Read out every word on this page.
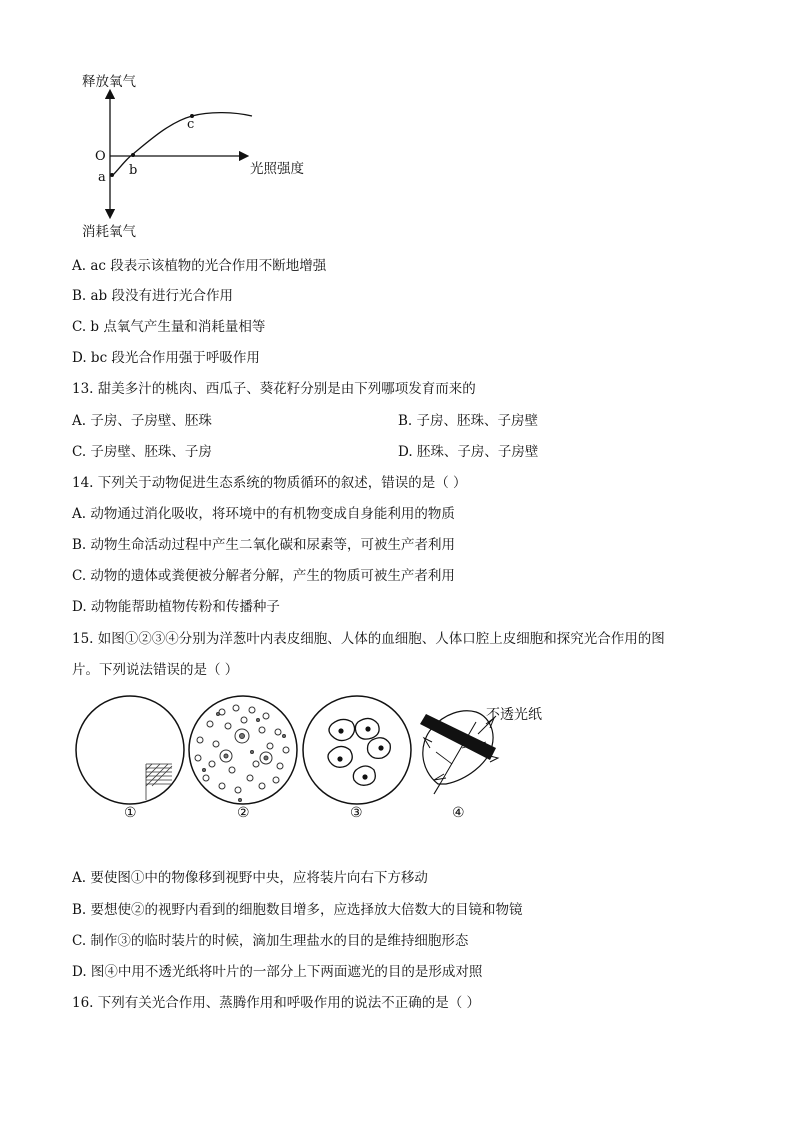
释放氧气
消耗氧气
光照强度
O
a b
c
A. ac 段表示该植物的光合作用不断地增强
B. ab 段没有进行光合作用
C. b 点氧气产生量和消耗量相等
D. bc 段光合作用强于呼吸作用
13. 甜美多汁的桃肉、西瓜子、葵花籽分别是由下列哪项发育而来的
A. 子房、子房壁、胚珠	B. 子房、胚珠、子房壁
C. 子房壁、胚珠、子房	D. 胚珠、子房、子房壁
14. 下列关于动物促进生态系统的物质循环的叙述，错误的是（ ）
A. 动物通过消化吸收，将环境中的有机物变成自身能利用的物质
B. 动物生命活动过程中产生二氧化碳和尿素等，可被生产者利用
C. 动物的遗体或粪便被分解者分解，产生的物质可被生产者利用
D. 动物能帮助植物传粉和传播种子
15. 如图①②③④分别为洋葱叶内表皮细胞、人体的血细胞、人体口腔上皮细胞和探究光合作用的图
片。下列说法错误的是（ ）
不透光纸
①	②	③	④
A. 要使图①中的物像移到视野中央，应将装片向右下方移动
B. 要想使②的视野内看到的细胞数目增多，应选择放大倍数大的目镜和物镜
C. 制作③的临时装片的时候，滴加生理盐水的目的是维持细胞形态
D. 图④中用不透光纸将叶片的一部分上下两面遮光的目的是形成对照
16. 下列有关光合作用、蒸腾作用和呼吸作用的说法不正确的是（ ）
